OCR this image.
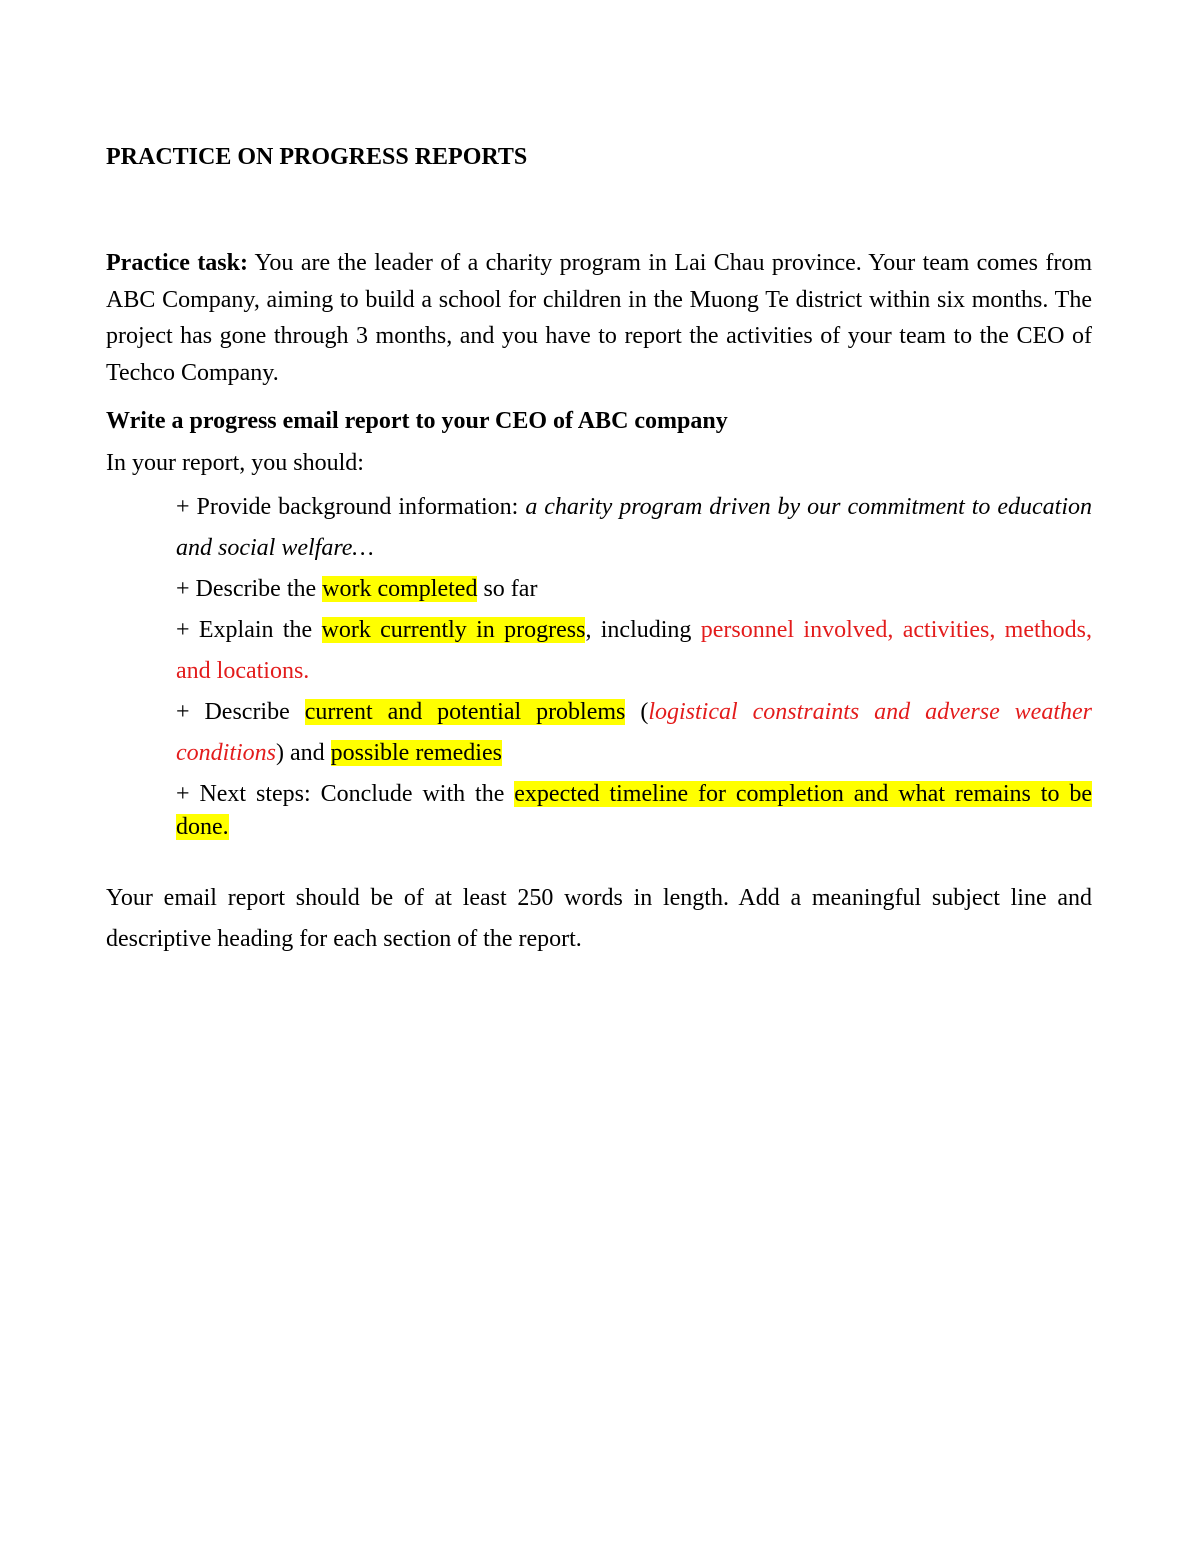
PRACTICE ON PROGRESS REPORTS
Practice task: You are the leader of a charity program in Lai Chau province. Your team comes from ABC Company, aiming to build a school for children in the Muong Te district within six months. The project has gone through 3 months, and you have to report the activities of your team to the CEO of Techco Company.
Write a progress email report to your CEO of ABC company
In your report, you should:
+ Provide background information: a charity program driven by our commitment to education and social welfare…
+ Describe the work completed so far
+ Explain the work currently in progress, including personnel involved, activities, methods, and locations.
+ Describe current and potential problems (logistical constraints and adverse weather conditions) and possible remedies
+ Next steps: Conclude with the expected timeline for completion and what remains to be done.
Your email report should be of at least 250 words in length. Add a meaningful subject line and descriptive heading for each section of the report.
